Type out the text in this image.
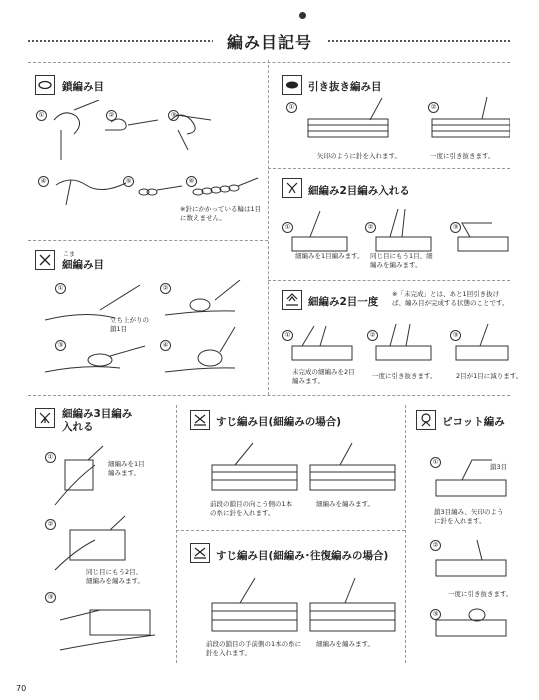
編み目記号
鎖編み目
①	②	③
④	⑤	⑥
※針にかかっている輪は1目に数えません。
引き抜き編み目
①	②
矢印のように針を入れます。	一度に引き抜きます。
細編み2目編み入れる
①	②	③
細編みを1目編みます。 同じ目にもう1目、細編みを編みます。
こま
細編み目
①	②
③	④
立ち上がりの鎖1目
細編み2目一度
※「未完成」とは、あと1回引き抜けば、編み目が完成する状態のことです。
①	②	③
未完成の細編みを2目編みます。
一度に引き抜きます。	2目が1目に減ります。
細編み3目編み入れる
①
②
③
細編みを1目編みます。
同じ目にもう2目、細編みを編みます。
すじ編み目(細編みの場合)
前段の鎖目の向こう側の1本の糸に針を入れます。
細編みを編みます。
すじ編み目(細編み･往復編みの場合)
前段の鎖目の手前側の1本の糸に針を入れます。
細編みを編みます。
ピコット編み
①
②
③
鎖3目
鎖3目編み、矢印のように針を入れます。
一度に引き抜きます。
70
